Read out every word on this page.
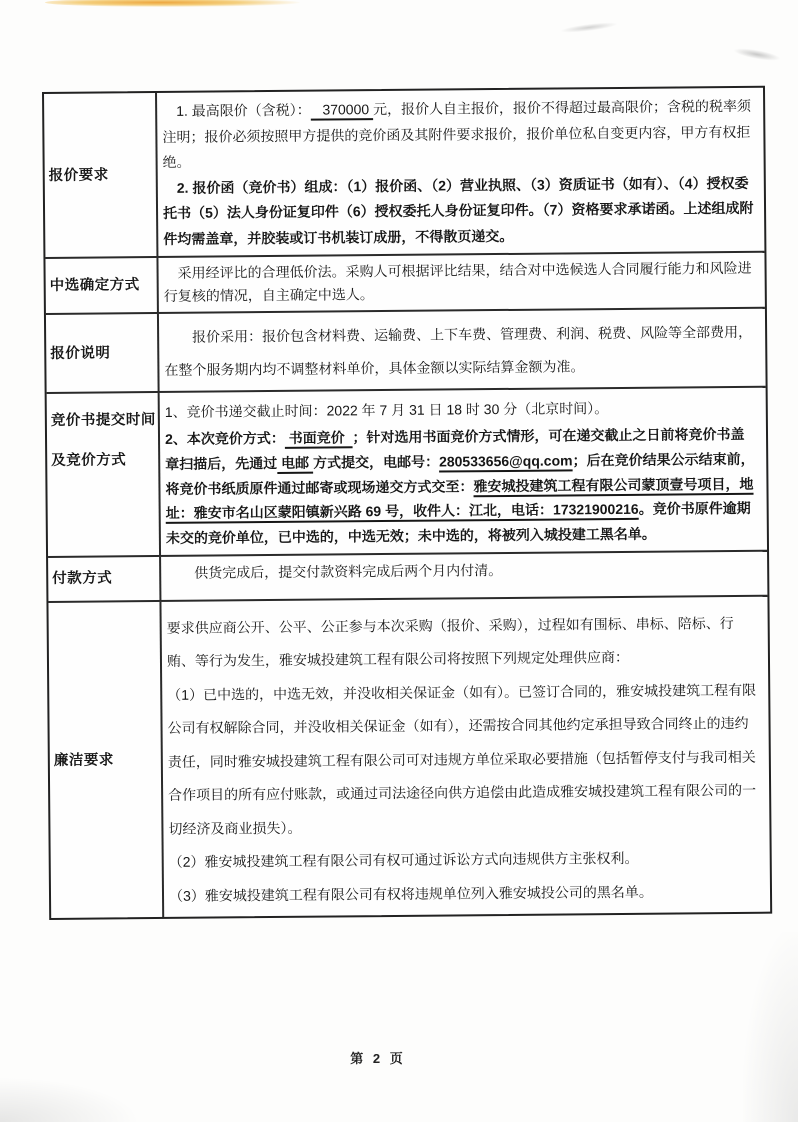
报价要求

1. 最高限价（含税）：   370000 元，报价人自主报价，报价不得超过最高限价；含税的税率须注明；报价必须按照甲方提供的竞价函及其附件要求报价，报价单位私自变更内容，甲方有权拒绝。

2. 报价函（竞价书）组成：（1）报价函、（2）营业执照、（3）资质证书（如有）、（4）授权委托书（5）法人身份证复印件（6）授权委托人身份证复印件。（7）资格要求承诺函。上述组成附件均需盖章，并胶装或订书机装订成册，不得散页递交。

中选确定方式

采用经评比的合理低价法。采购人可根据评比结果，结合对中选候选人合同履行能力和风险进行复核的情况，自主确定中选人。

报价说明

报价采用：报价包含材料费、运输费、上下车费、管理费、利润、税费、风险等全部费用，在整个服务期内均不调整材料单价，具体金额以实际结算金额为准。

竞价书提交时间
及竞价方式

1、竞价书递交截止时间：2022 年 7 月 31 日 18 时 30 分（北京时间）。

2、本次竞价方式： 书面竞价  ；针对选用书面竞价方式情形，可在递交截止之日前将竞价书盖章扫描后，先通过 电邮 方式提交，电邮号：280533656@qq.com；后在竞价结果公示结束前，将竞价书纸质原件通过邮寄或现场递交方式交至：雅安城投建筑工程有限公司蒙顶壹号项目，地址：雅安市名山区蒙阳镇新兴路 69 号，收件人：江北，电话：17321900216。竞价书原件逾期未交的竞价单位，已中选的，中选无效；未中选的，将被列入城投建工黑名单。

付款方式	供货完成后，提交付款资料完成后两个月内付清。

廉洁要求

要求供应商公开、公平、公正参与本次采购（报价、采购），过程如有围标、串标、陪标、行贿、等行为发生，雅安城投建筑工程有限公司将按照下列规定处理供应商：

（1）已中选的，中选无效，并没收相关保证金（如有）。已签订合同的，雅安城投建筑工程有限公司有权解除合同，并没收相关保证金（如有），还需按合同其他约定承担导致合同终止的违约责任，同时雅安城投建筑工程有限公司可对违规方单位采取必要措施（包括暂停支付与我司相关合作项目的所有应付账款，或通过司法途径向供方追偿由此造成雅安城投建筑工程有限公司的一切经济及商业损失）。

（2）雅安城投建筑工程有限公司有权可通过诉讼方式向违规供方主张权利。

（3）雅安城投建筑工程有限公司有权将违规单位列入雅安城投公司的黑名单。

第 2 页
